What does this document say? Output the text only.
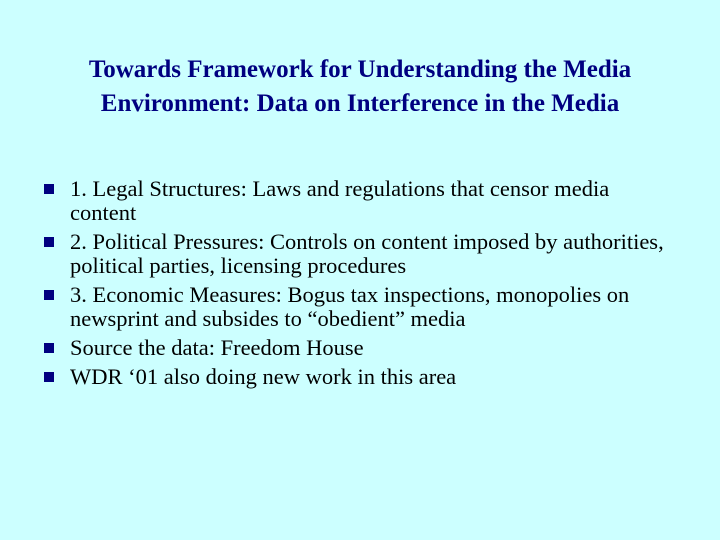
Towards Framework for Understanding the Media
Environment: Data on Interference in the Media
1. Legal Structures: Laws and regulations that censor media content
2. Political Pressures: Controls on content imposed by authorities, political parties, licensing procedures
3. Economic Measures: Bogus tax inspections, monopolies on newsprint and subsides to “obedient” media
Source the data: Freedom House
WDR ‘01 also doing new work in this area
